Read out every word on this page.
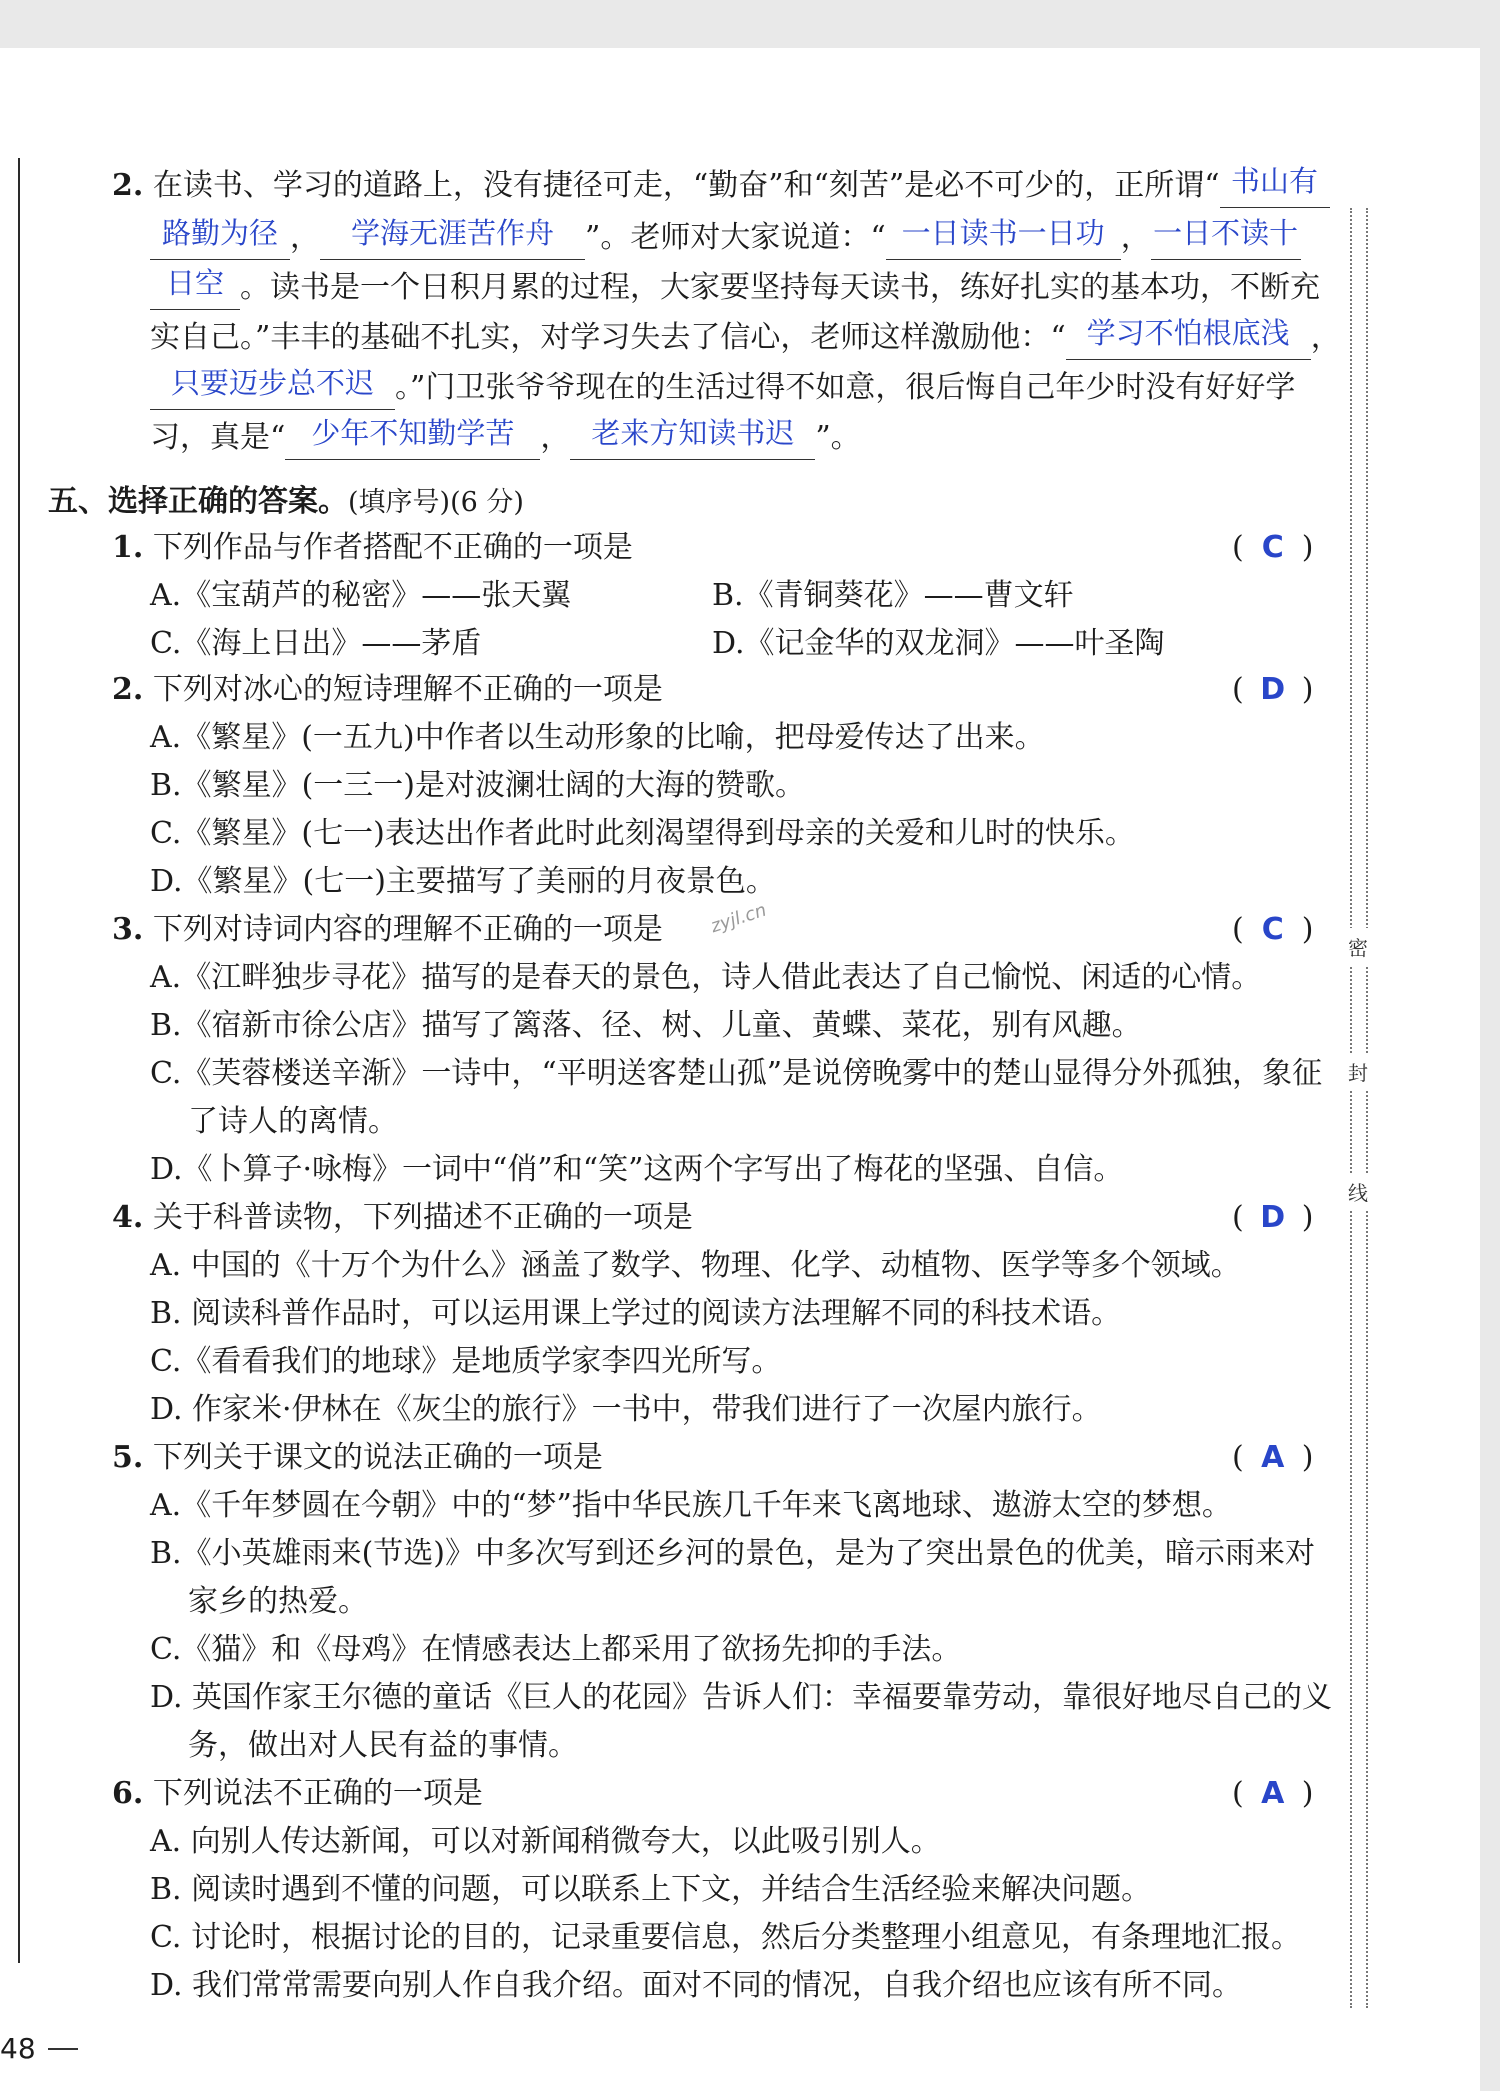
密
封
线
2. 在读书、学习的道路上，没有捷径可走，“勤奋”和“刻苦”是必不可少的，正所谓“ 书山有
路勤为径 ，	学海无涯苦作舟	”。老师对大家说道：“ 一日读书一日功 ， 一日不读十
日空 。读书是一个日积月累的过程，大家要坚持每天读书，练好扎实的基本功，不断充
实自己。”丰丰的基础不扎实，对学习失去了信心，老师这样激励他：“ 学习不怕根底浅 ，
只要迈步总不迟 。”门卫张爷爷现在的生活过得不如意，很后悔自己年少时没有好好学
习，真是“ 少年不知勤学苦 ， 老来方知读书迟 ”。
五、选择正确的答案。(填序号)(6 分)
1. 下列作品与作者搭配不正确的一项是	( C )
A.《宝葫芦的秘密》——张天翼	B.《青铜葵花》——曹文轩
C.《海上日出》——茅盾	D.《记金华的双龙洞》——叶圣陶
2. 下列对冰心的短诗理解不正确的一项是	( D )
A.《繁星》(一五九)中作者以生动形象的比喻，把母爱传达了出来。
B.《繁星》(一三一)是对波澜壮阔的大海的赞歌。
C.《繁星》(七一)表达出作者此时此刻渴望得到母亲的关爱和儿时的快乐。
D.《繁星》(七一)主要描写了美丽的月夜景色。
zyjl.cn
3. 下列对诗词内容的理解不正确的一项是	( C )
A.《江畔独步寻花》描写的是春天的景色，诗人借此表达了自己愉悦、闲适的心情。
B.《宿新市徐公店》描写了篱落、径、树、儿童、黄蝶、菜花，别有风趣。
C.《芙蓉楼送辛渐》一诗中，“平明送客楚山孤”是说傍晚雾中的楚山显得分外孤独，象征
了诗人的离情。
D.《卜算子·咏梅》一词中“俏”和“笑”这两个字写出了梅花的坚强、自信。
4. 关于科普读物，下列描述不正确的一项是	( D )
A. 中国的《十万个为什么》涵盖了数学、物理、化学、动植物、医学等多个领域。
B. 阅读科普作品时，可以运用课上学过的阅读方法理解不同的科技术语。
C.《看看我们的地球》是地质学家李四光所写。
D. 作家米·伊林在《灰尘的旅行》一书中，带我们进行了一次屋内旅行。
5. 下列关于课文的说法正确的一项是	( A )
A.《千年梦圆在今朝》中的“梦”指中华民族几千年来飞离地球、遨游太空的梦想。
B.《小英雄雨来(节选)》中多次写到还乡河的景色，是为了突出景色的优美，暗示雨来对
家乡的热爱。
C.《猫》和《母鸡》在情感表达上都采用了欲扬先抑的手法。
D. 英国作家王尔德的童话《巨人的花园》告诉人们：幸福要靠劳动，靠很好地尽自己的义
务，做出对人民有益的事情。
6. 下列说法不正确的一项是	( A )
A. 向别人传达新闻，可以对新闻稍微夸大，以此吸引别人。
B. 阅读时遇到不懂的问题，可以联系上下文，并结合生活经验来解决问题。
C. 讨论时，根据讨论的目的，记录重要信息，然后分类整理小组意见，有条理地汇报。
D. 我们常常需要向别人作自我介绍。面对不同的情况，自我介绍也应该有所不同。
48
